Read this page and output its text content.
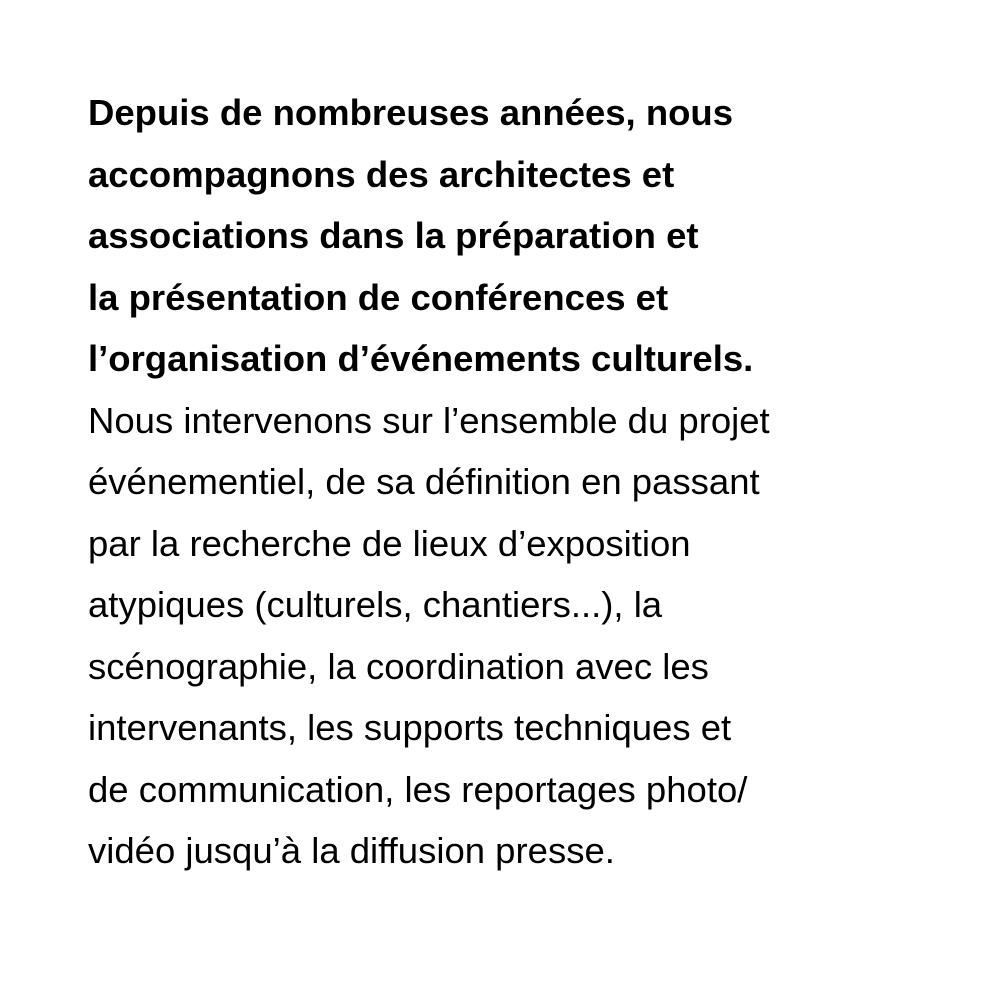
Depuis de nombreuses années, nous
accompagnons des architectes et
associations dans la préparation et
la présentation de conférences et
l’organisation d’événements culturels.
Nous intervenons sur l’ensemble du projet
événementiel, de sa définition en passant
par la recherche de lieux d’exposition
atypiques (culturels, chantiers...), la
scénographie, la coordination avec les
intervenants, les supports techniques et
de communication, les reportages photo/
vidéo jusqu’à la diffusion presse.
